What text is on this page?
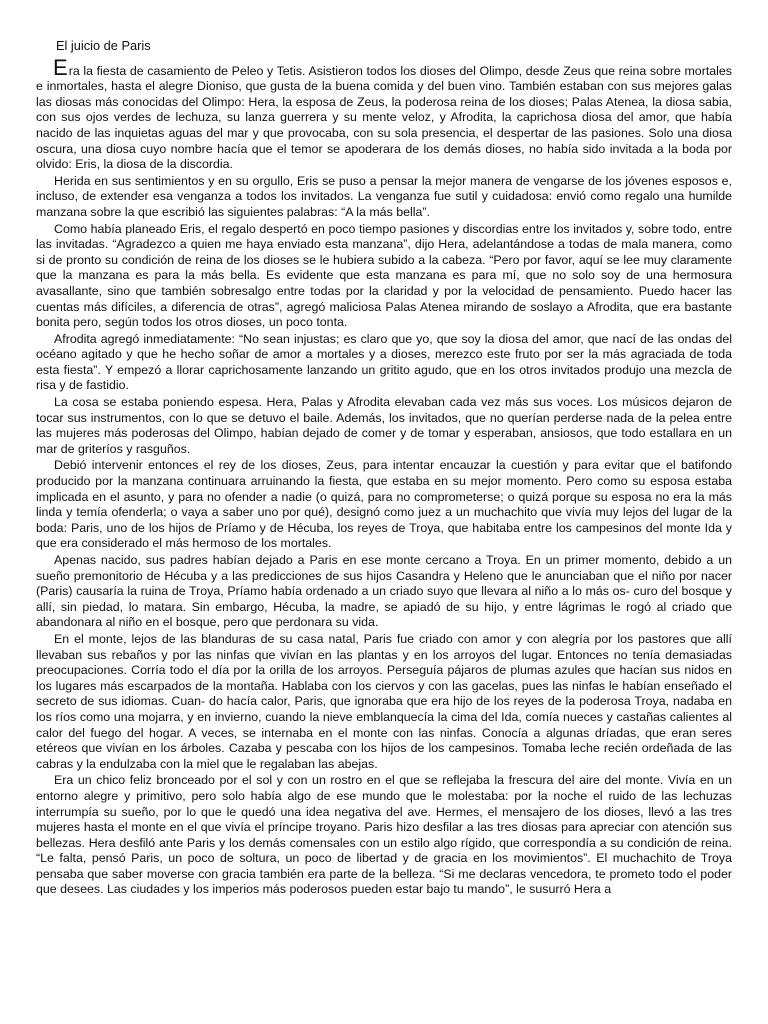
El juicio de Paris

Era la fiesta de casamiento de Peleo y Tetis. Asistieron todos los dioses del Olimpo, desde Zeus que reina sobre mortales e inmortales, hasta el alegre Dioniso, que gusta de la buena comida y del buen vino. También estaban con sus mejores galas las diosas más conocidas del Olimpo: Hera, la esposa de Zeus, la poderosa reina de los dioses; Palas Atenea, la diosa sabia, con sus ojos verdes de lechuza, su lanza guerrera y su mente veloz, y Afrodita, la caprichosa diosa del amor, que había nacido de las inquietas aguas del mar y que provocaba, con su sola presencia, el despertar de las pasiones. Solo una diosa oscura, una diosa cuyo nombre hacía que el temor se apoderara de los demás dioses, no había sido invitada a la boda por olvido: Eris, la diosa de la discordia.

Herida en sus sentimientos y en su orgullo, Eris se puso a pensar la mejor manera de vengarse de los jóvenes esposos e, incluso, de extender esa venganza a todos los invitados. La venganza fue sutil y cuidadosa: envió como regalo una humilde manzana sobre la que escribió las siguientes palabras: “A la más bella”.

Como había planeado Eris, el regalo despertó en poco tiempo pasiones y discordias entre los invitados y, sobre todo, entre las invitadas. “Agradezco a quien me haya enviado esta manzana”, dijo Hera, adelantándose a todas de mala manera, como si de pronto su condición de reina de los dioses se le hubiera subido a la cabeza. “Pero por favor, aquí se lee muy claramente que la manzana es para la más bella. Es evidente que esta manzana es para mí, que no solo soy de una hermosura avasallante, sino que también sobresalgo entre todas por la claridad y por la velocidad de pensamiento. Puedo hacer las cuentas más difíciles, a diferencia de otras”, agregó maliciosa Palas Atenea mirando de soslayo a Afrodita, que era bastante bonita pero, según todos los otros dioses, un poco tonta.

Afrodita agregó inmediatamente: “No sean injustas; es claro que yo, que soy la diosa del amor, que nací de las ondas del océano agitado y que he hecho soñar de amor a mortales y a dioses, merezco este fruto por ser la más agraciada de toda esta fiesta”. Y empezó a llorar caprichosamente lanzando un gritito agudo, que en los otros invitados produjo una mezcla de risa y de fastidio.

La cosa se estaba poniendo espesa. Hera, Palas y Afrodita elevaban cada vez más sus voces. Los músicos dejaron de tocar sus instrumentos, con lo que se detuvo el baile. Además, los invitados, que no querían perderse nada de la pelea entre las mujeres más poderosas del Olimpo, habían dejado de comer y de tomar y esperaban, ansiosos, que todo estallara en un mar de griteríos y rasguños.

Debió intervenir entonces el rey de los dioses, Zeus, para intentar encauzar la cuestión y para evitar que el batifondo producido por la manzana continuara arruinando la fiesta, que estaba en su mejor momento. Pero como su esposa estaba implicada en el asunto, y para no ofender a nadie (o quizá, para no comprometerse; o quizá porque su esposa no era la más linda y temía ofenderla; o vaya a saber uno por qué), designó como juez a un muchachito que vivía muy lejos del lugar de la boda: Paris, uno de los hijos de Príamo y de Hécuba, los reyes de Troya, que habitaba entre los campesinos del monte Ida y que era considerado el más hermoso de los mortales.

Apenas nacido, sus padres habían dejado a Paris en ese monte cercano a Troya. En un primer momento, debido a un sueño premonitorio de Hécuba y a las predicciones de sus hijos Casandra y Heleno que le anunciaban que el niño por nacer (Paris) causaría la ruina de Troya, Príamo había ordenado a un criado suyo que llevara al niño a lo más os- curo del bosque y allí, sin piedad, lo matara. Sin embargo, Hécuba, la madre, se apiadó de su hijo, y entre lágrimas le rogó al criado que abandonara al niño en el bosque, pero que perdonara su vida.

En el monte, lejos de las blanduras de su casa natal, Paris fue criado con amor y con alegría por los pastores que allí llevaban sus rebaños y por las ninfas que vivían en las plantas y en los arroyos del lugar. Entonces no tenía demasiadas preocupaciones. Corría todo el día por la orilla de los arroyos. Perseguía pájaros de plumas azules que hacían sus nidos en los lugares más escarpados de la montaña. Hablaba con los ciervos y con las gacelas, pues las ninfas le habían enseñado el secreto de sus idiomas. Cuan- do hacía calor, Paris, que ignoraba que era hijo de los reyes de la poderosa Troya, nadaba en los ríos como una mojarra, y en invierno, cuando la nieve emblanquecía la cima del Ida, comía nueces y castañas calientes al calor del fuego del hogar. A veces, se internaba en el monte con las ninfas. Conocía a algunas dríadas, que eran seres etéreos que vivían en los árboles. Cazaba y pescaba con los hijos de los campesinos. Tomaba leche recién ordeñada de las cabras y la endulzaba con la miel que le regalaban las abejas.

Era un chico feliz bronceado por el sol y con un rostro en el que se reflejaba la frescura del aire del monte. Vivía en un entorno alegre y primitivo, pero solo había algo de ese mundo que le molestaba: por la noche el ruido de las lechuzas interrumpía su sueño, por lo que le quedó una idea negativa del ave. Hermes, el mensajero de los dioses, llevó a las tres mujeres hasta el monte en el que vivía el príncipe troyano. Paris hizo desfilar a las tres diosas para apreciar con atención sus bellezas. Hera desfiló ante Paris y los demás comensales con un estilo algo rígido, que correspondía a su condición de reina. “Le falta, pensó Paris, un poco de soltura, un poco de libertad y de gracia en los movimientos”. El muchachito de Troya pensaba que saber moverse con gracia también era parte de la belleza. “Si me declaras vencedora, te prometo todo el poder que desees. Las ciudades y los imperios más poderosos pueden estar bajo tu mando”, le susurró Hera a
